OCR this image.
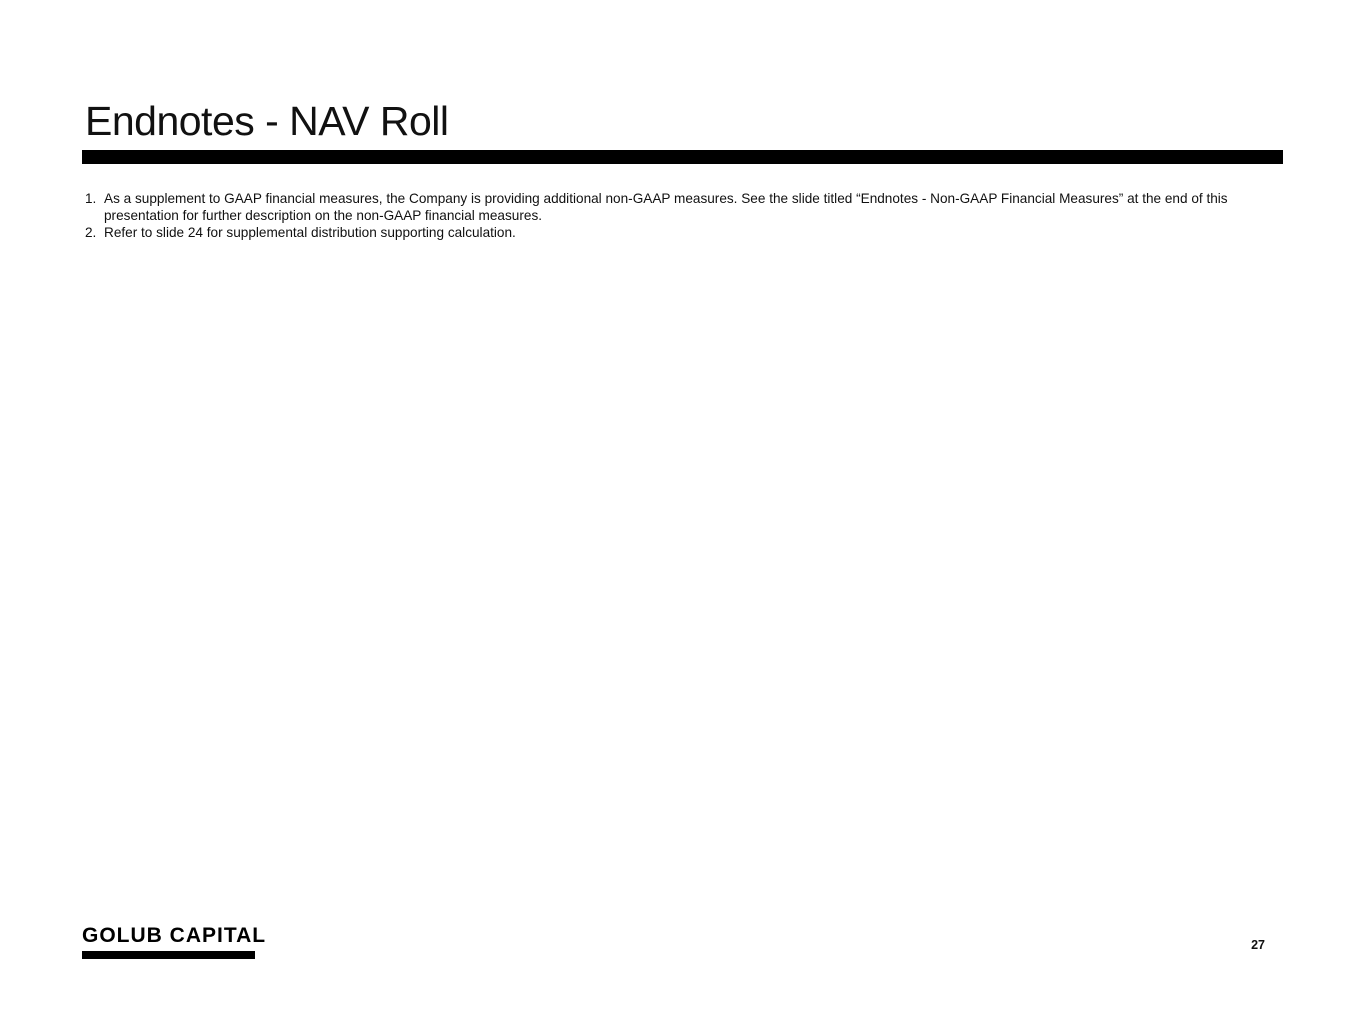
Endnotes - NAV Roll
1. As a supplement to GAAP financial measures, the Company is providing additional non-GAAP measures. See the slide titled “Endnotes - Non-GAAP Financial Measures” at the end of this presentation for further description on the non-GAAP financial measures.
2. Refer to slide 24 for supplemental distribution supporting calculation.
GOLUB CAPITAL	27
